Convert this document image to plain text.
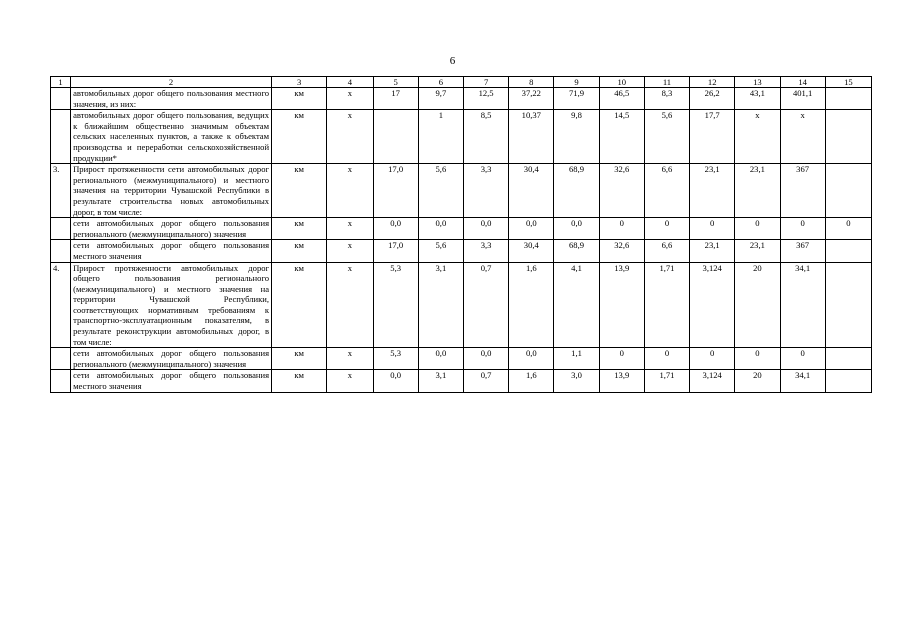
6
1	2	3	4	5	6	7	8	9	10	11	12	13	14	15
	автомобильных дорог общего пользования местного значения, из них:	км	х	17	9,7	12,5	37,22	71,9	46,5	8,3	26,2	43,1	401,1	
	автомобильных дорог общего пользования, ведущих к ближайшим общественно значимым объектам сельских населенных пунктов, а также к объектам производства и переработки сельскохозяйственной продукции*	км	х		1	8,5	10,37	9,8	14,5	5,6	17,7	х	х	
3.	Прирост протяженности сети автомобильных дорог регионального (межмуниципального) и местного значения на территории Чувашской Республики в результате строительства новых автомобильных дорог, в том числе:	км	х	17,0	5,6	3,3	30,4	68,9	32,6	6,6	23,1	23,1	367	
	сети автомобильных дорог общего пользования регионального (межмуниципального) значения	км	х	0,0	0,0	0,0	0,0	0,0	0	0	0	0	0	0
	сети автомобильных дорог общего пользования местного значения	км	х	17,0	5,6	3,3	30,4	68,9	32,6	6,6	23,1	23,1	367	
4.	Прирост протяженности автомобильных дорог общего пользования регионального (межмуниципального) и местного значения на территории Чувашской Республики, соответствующих нормативным требованиям к транспортно-эксплуатационным показателям, в результате реконструкции автомобильных дорог, в том числе:	км	х	5,3	3,1	0,7	1,6	4,1	13,9	1,71	3,124	20	34,1	
	сети автомобильных дорог общего пользования регионального (межмуниципального) значения	км	х	5,3	0,0	0,0	0,0	1,1	0	0	0	0	0	
	сети автомобильных дорог общего пользования местного значения	км	х	0,0	3,1	0,7	1,6	3,0	13,9	1,71	3,124	20	34,1	
